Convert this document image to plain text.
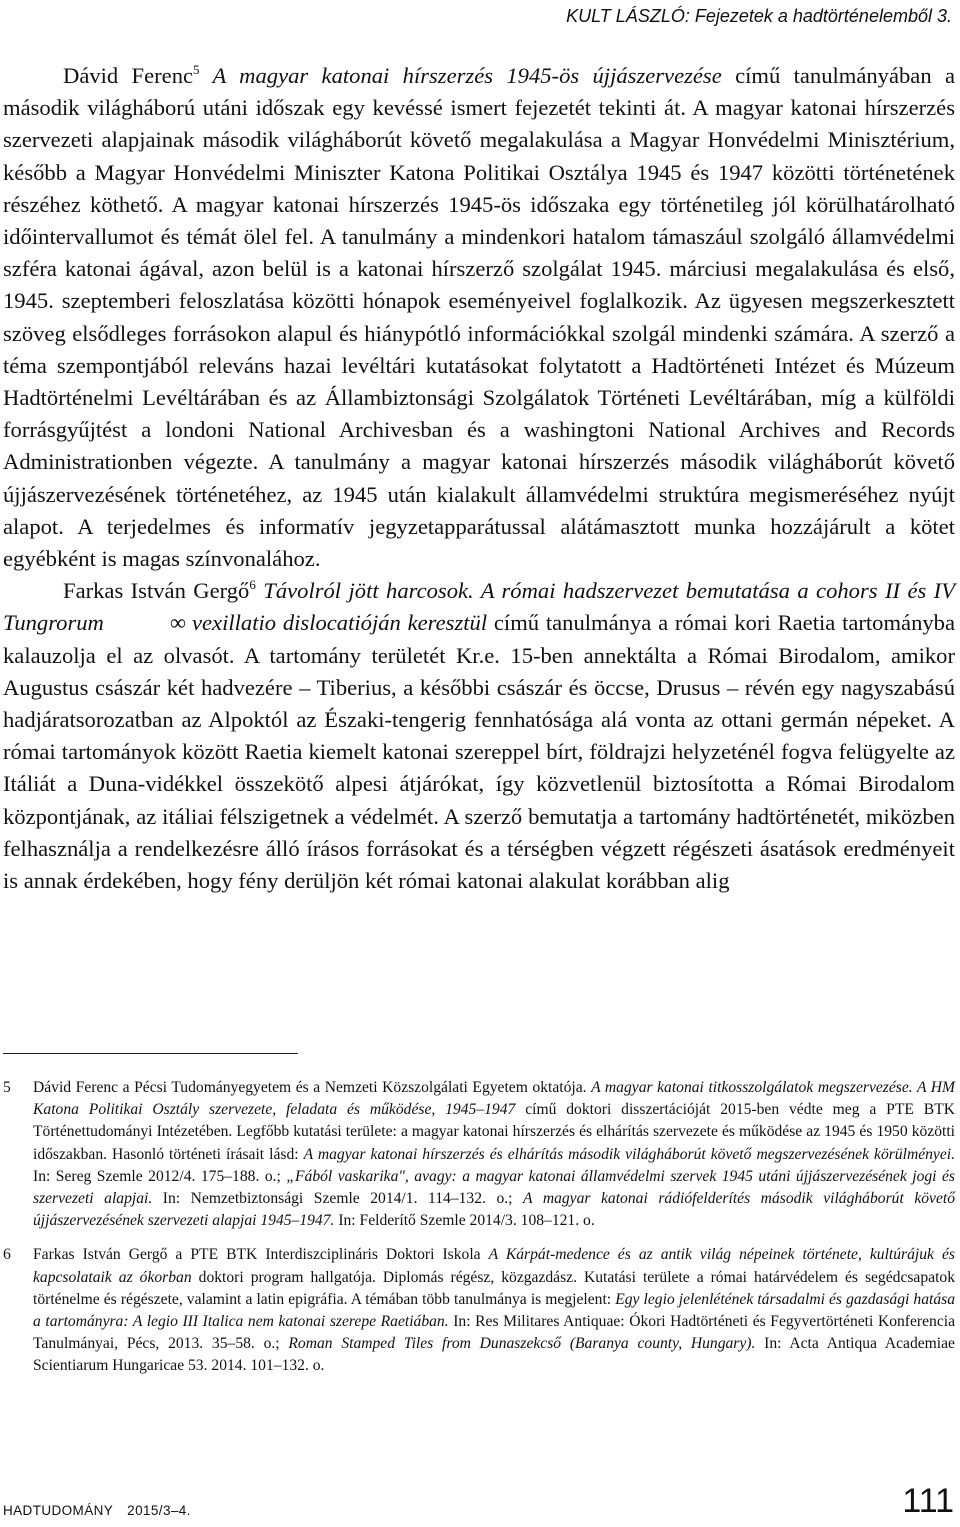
KULT LÁSZLÓ: Fejezetek a hadtörténelemből 3.

Dávid Ferenc$^5$ A magyar katonai hírszerzés 1945-ös újjászervezése című tanulmányában a második világháború utáni időszak egy kevéssé ismert fejezetét tekinti át. A magyar katonai hírszerzés szervezeti alapjainak második világháborút követő megalakulása a Magyar Honvédelmi Minisztérium, később a Magyar Honvédelmi Miniszter Katona Politikai Osztálya 1945 és 1947 közötti történetének részéhez köthető. A magyar katonai hírszerzés 1945-ös időszaka egy történetileg jól körülhatárolható időintervallumot és témát ölel fel. A tanulmány a mindenkori hatalom támaszául szolgáló államvédelmi szféra katonai ágával, azon belül is a katonai hírszerző szolgálat 1945. márciusi megalakulása és első, 1945. szeptemberi feloszlatása közötti hónapok eseményeivel foglalkozik. Az ügyesen megszerkesztett szöveg elsődleges forrásokon alapul és hiánypótló információkkal szolgál mindenki számára. A szerző a téma szempontjából releváns hazai levéltári kutatásokat folytatott a Hadtörténeti Intézet és Múzeum Hadtörténelmi Levéltárában és az Állambiztonsági Szolgálatok Történeti Levéltárában, míg a külföldi forrásgyűjtést a londoni National Archivesban és a washingtoni National Archives and Records Administrationben végezte. A tanulmány a magyar katonai hírszerzés második világháborút követő újjászervezésének történetéhez, az 1945 után kialakult államvédelmi struktúra megismeréséhez nyújt alapot. A terjedelmes és informatív jegyzetapparátussal alátámasztott munka hozzájárult a kötet egyébként is magas színvonalához.

Farkas István Gergő$^6$ Távolról jött harcosok. A római hadszervezet bemutatása a cohors II és IV Tungrorum	∞ vexillatio dislocatióján keresztül című tanulmánya a római kori Raetia tartományba kalauzolja el az olvasót. A tartomány területét Kr.e. 15-ben annektálta a Római Birodalom, amikor Augustus császár két hadvezére – Tiberius, a későbbi császár és öccse, Drusus – révén egy nagyszabású hadjáratsorozatban az Alpoktól az Északi-tengerig fennhatósága alá vonta az ottani germán népeket. A római tartományok között Raetia kiemelt katonai szereppel bírt, földrajzi helyzeténél fogva felügyelte az Itáliát a Duna-vidékkel összekötő alpesi átjárókat, így közvetlenül biztosította a Római Birodalom központjának, az itáliai félszigetnek a védelmét. A szerző bemutatja a tartomány hadtörténetét, miközben felhasználja a rendelkezésre álló írásos forrásokat és a térségben végzett régészeti ásatások eredményeit is annak érdekében, hogy fény derüljön két római katonai alakulat korábban alig

5	Dávid Ferenc a Pécsi Tudományegyetem és a Nemzeti Közszolgálati Egyetem oktatója. A magyar katonai titkosszolgálatok megszervezése. A HM Katona Politikai Osztály szervezete, feladata és működése, 1945–1947 című doktori disszertációját 2015-ben védte meg a PTE BTK Történettudományi Intézetében. Legfőbb kutatási területe: a magyar katonai hírszerzés és elhárítás szervezete és működése az 1945 és 1950 közötti időszakban. Hasonló történeti írásait lásd: A magyar katonai hírszerzés és elhárítás második világháborút követő megszervezésének körülményei. In: Sereg Szemle 2012/4. 175–188. o.; „Fából vaskarika", avagy: a magyar katonai államvédelmi szervek 1945 utáni újjászervezésének jogi és szervezeti alapjai. In: Nemzetbiztonsági Szemle 2014/1. 114–132. o.; A magyar katonai rádiófelderítés második világháborút követő újjászervezésének szervezeti alapjai 1945–1947. In: Felderítő Szemle 2014/3. 108–121. o.
6	Farkas István Gergő a PTE BTK Interdiszciplináris Doktori Iskola A Kárpát-medence és az antik világ népeinek története, kultúrájuk és kapcsolataik az ókorban doktori program hallgatója. Diplomás régész, közgazdász. Kutatási területe a római határvédelem és segédcsapatok történelme és régészete, valamint a latin epigráfia. A témában több tanulmánya is megjelent: Egy legio jelenlétének társadalmi és gazdasági hatása a tartományra: A legio III Italica nem katonai szerepe Raetiában. In: Res Militares Antiquae: Ókori Hadtörténeti és Fegyvertörténeti Konferencia Tanulmányai, Pécs, 2013. 35–58. o.; Roman Stamped Tiles from Dunaszekcső (Baranya county, Hungary). In: Acta Antiqua Academiae Scientiarum Hungaricae 53. 2014. 101–132. o.
HADTUDOMÁNY 2015/3–4.	111
